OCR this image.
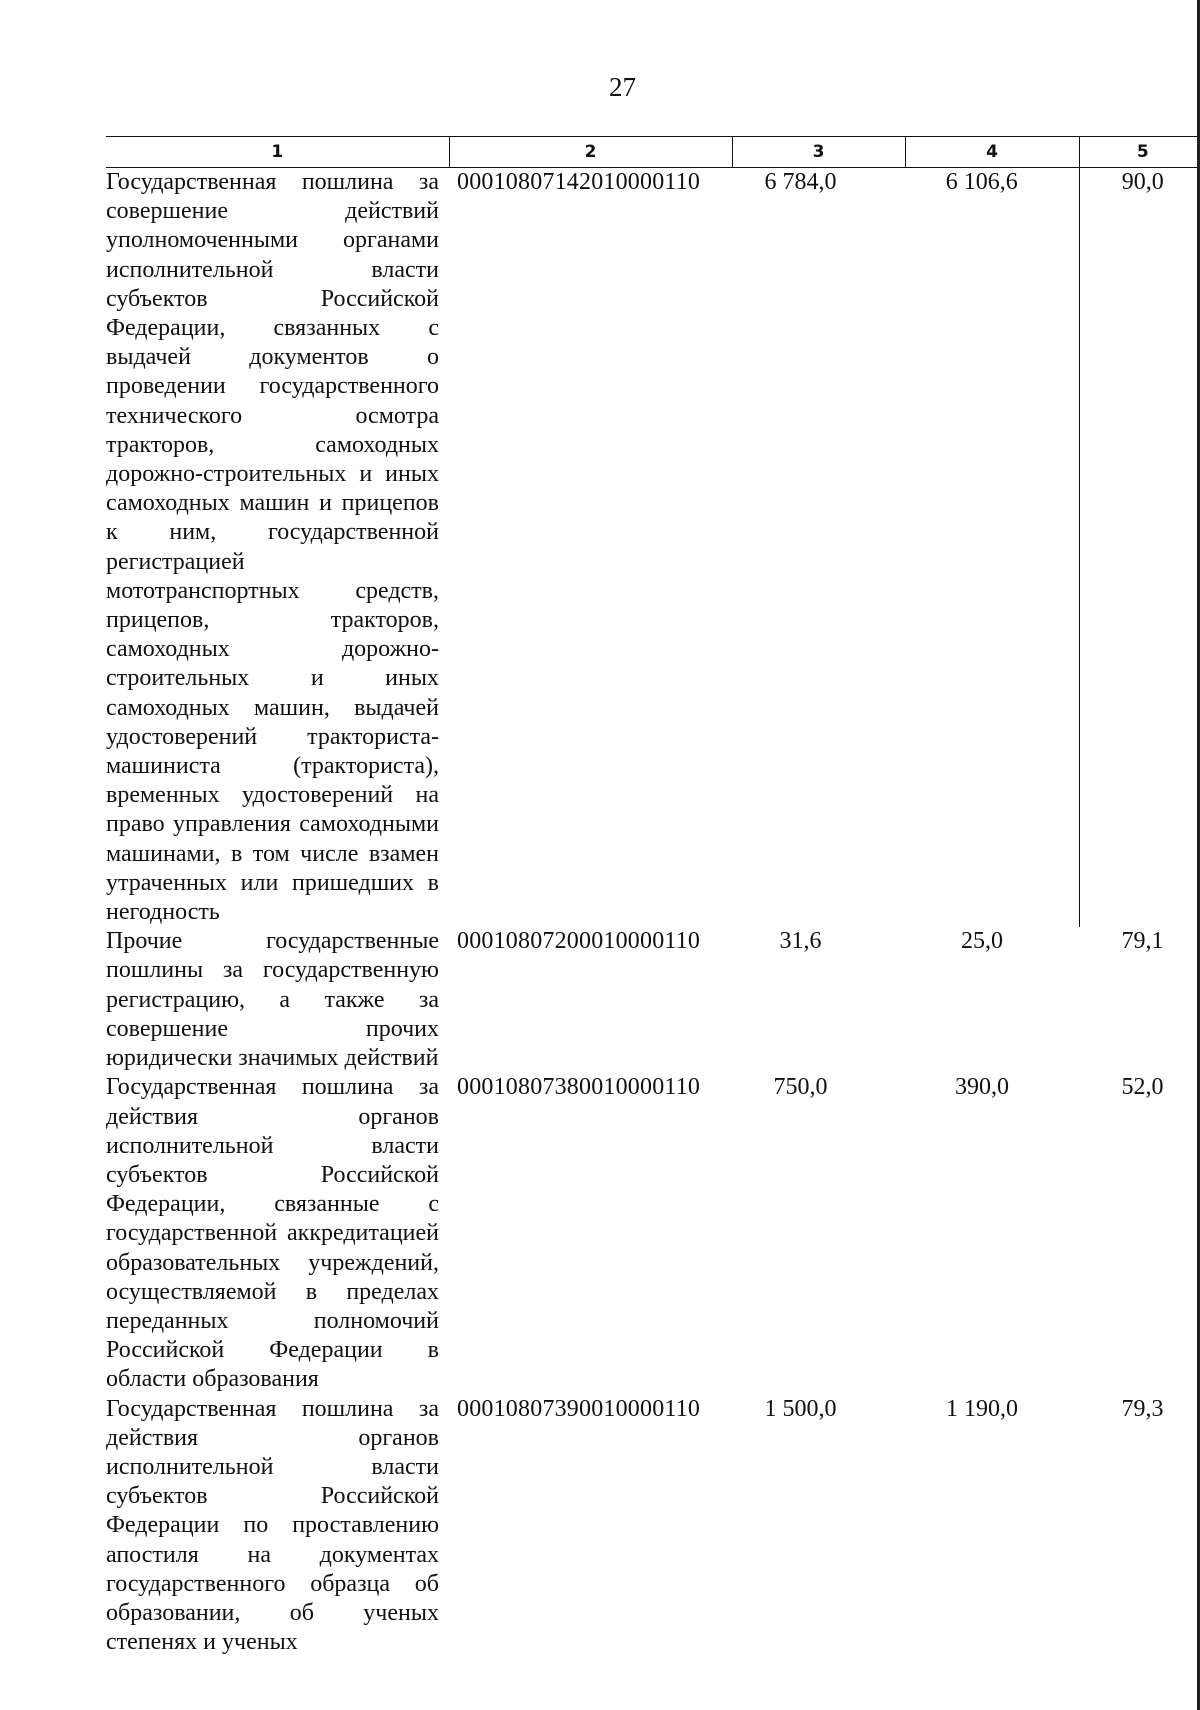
27
1	2	3	4	5
Государственная пошлина за совершение действий уполномоченными органами исполнительной власти субъектов Российской Федерации, связанных с выдачей документов о проведении государственного технического осмотра тракторов, самоходных дорожно-строительных и иных самоходных машин и прицепов к ним, государственной регистрацией мототранспортных средств, прицепов, тракторов, самоходных дорожно-строительных и иных самоходных машин, выдачей удостоверений тракториста-машиниста (тракториста), временных удостоверений на право управления самоходными машинами, в том числе взамен утраченных или пришедших в негодность	00010807142010000110	6 784,0	6 106,6	90,0
Прочие государственные пошлины за государственную регистрацию, а также за совершение прочих юридически значимых действий	00010807200010000110	31,6	25,0	79,1
Государственная пошлина за действия органов исполнительной власти субъектов Российской Федерации, связанные с государственной аккредитацией образовательных учреждений, осуществляемой в пределах переданных полномочий Российской Федерации в области образования	00010807380010000110	750,0	390,0	52,0
Государственная пошлина за действия органов исполнительной власти субъектов Российской Федерации по проставлению апостиля на документах государственного образца об образовании, об ученых степенях и ученых	00010807390010000110	1 500,0	1 190,0	79,3
